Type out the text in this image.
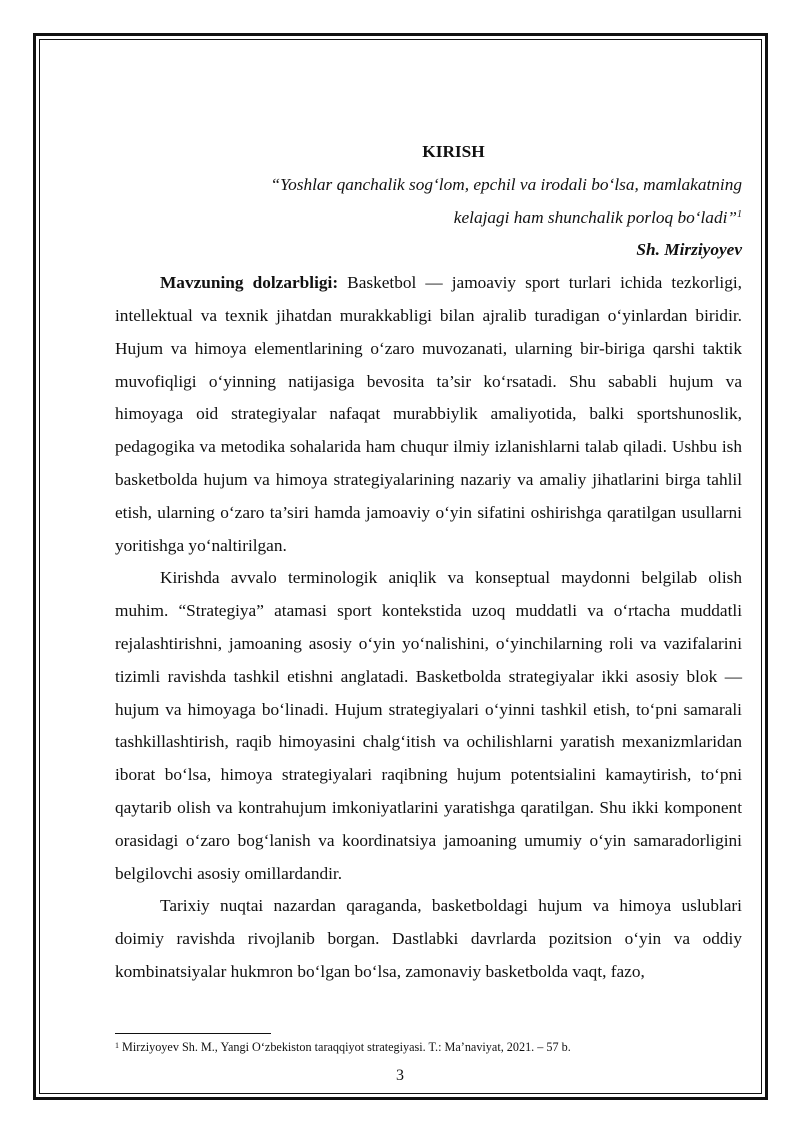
KIRISH

“Yoshlar qanchalik sog‘lom, epchil va irodali bo‘lsa, mamlakatning

kelajagi ham shunchalik porloq bo‘ladi”$^1$

Sh. Mirziyoyev

Mavzuning dolzarbligi: Basketbol — jamoaviy sport turlari ichida tezkorligi, intellektual va texnik jihatdan murakkabligi bilan ajralib turadigan o‘yinlardan biridir. Hujum va himoya elementlarining o‘zaro muvozanati, ularning bir-biriga qarshi taktik muvofiqligi o‘yinning natijasiga bevosita ta’sir ko‘rsatadi. Shu sababli hujum va himoyaga oid strategiyalar nafaqat murabbiylik amaliyotida, balki sportshunoslik, pedagogika va metodika sohalarida ham chuqur ilmiy izlanishlarni talab qiladi. Ushbu ish basketbolda hujum va himoya strategiyalarining nazariy va amaliy jihatlarini birga tahlil etish, ularning o‘zaro ta’siri hamda jamoaviy o‘yin sifatini oshirishga qaratilgan usullarni yoritishga yo‘naltirilgan.

Kirishda avvalo terminologik aniqlik va konseptual maydonni belgilab olish muhim. “Strategiya” atamasi sport kontekstida uzoq muddatli va o‘rtacha muddatli rejalashtirishni, jamoaning asosiy o‘yin yo‘nalishini, o‘yinchilarning roli va vazifalarini tizimli ravishda tashkil etishni anglatadi. Basketbolda strategiyalar ikki asosiy blok — hujum va himoyaga bo‘linadi. Hujum strategiyalari o‘yinni tashkil etish, to‘pni samarali tashkillashtirish, raqib himoyasini chalg‘itish va ochilishlarni yaratish mexanizmlaridan iborat bo‘lsa, himoya strategiyalari raqibning hujum potentsialini kamaytirish, to‘pni qaytarib olish va kontrahujum imkoniyatlarini yaratishga qaratilgan. Shu ikki komponent orasidagi o‘zaro bog‘lanish va koordinatsiya jamoaning umumiy o‘yin samaradorligini belgilovchi asosiy omillardandir.

Tarixiy nuqtai nazardan qaraganda, basketboldagi hujum va himoya uslublari doimiy ravishda rivojlanib borgan. Dastlabki davrlarda pozitsion o‘yin va oddiy kombinatsiyalar hukmron bo‘lgan bo‘lsa, zamonaviy basketbolda vaqt, fazo,

$^1$ Mirziyoyev Sh. M., Yangi O‘zbekiston taraqqiyot strategiyasi. T.: Ma’naviyat, 2021. – 57 b.

3
